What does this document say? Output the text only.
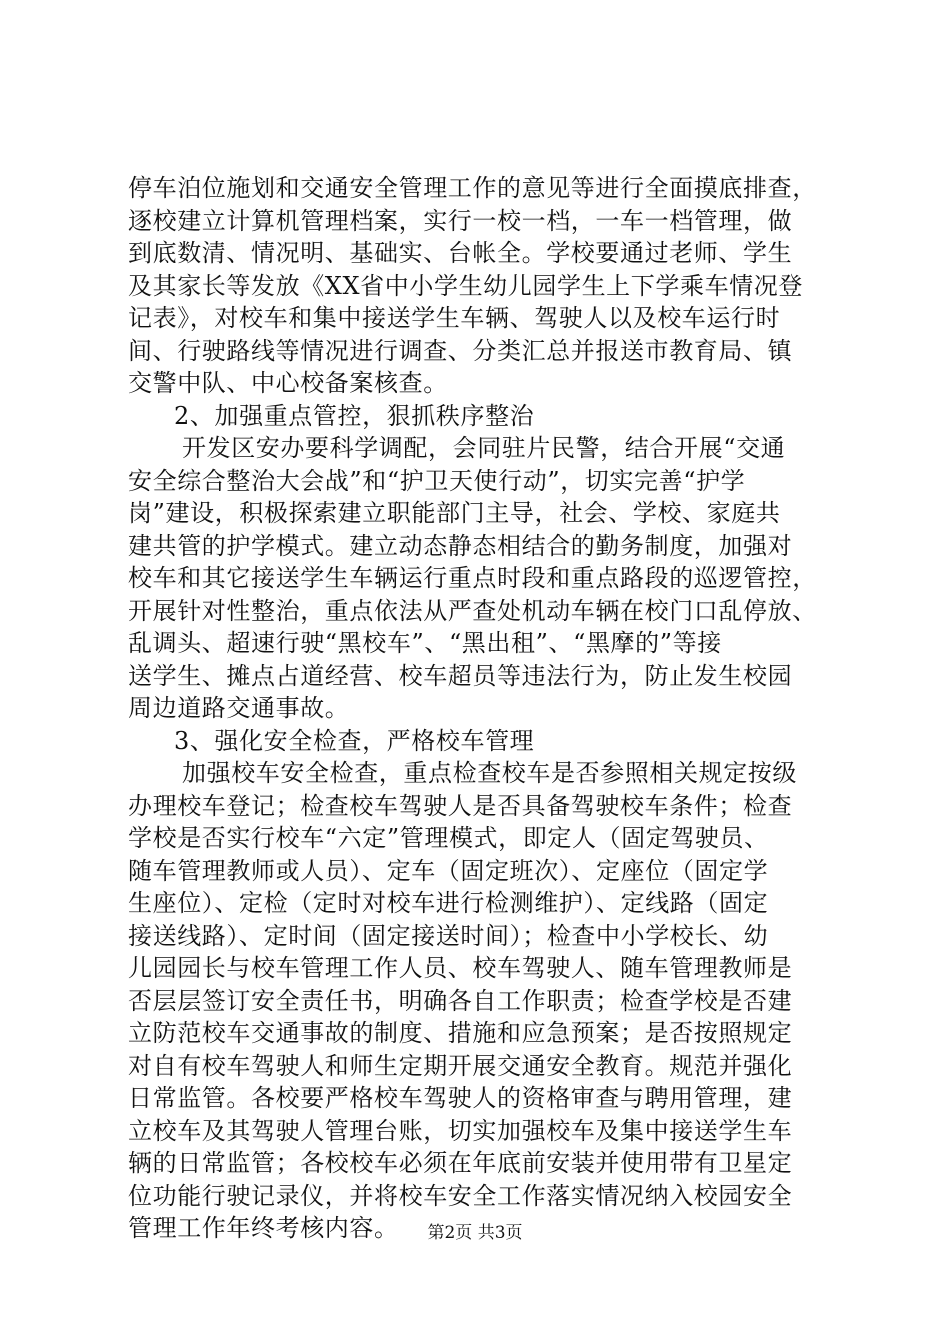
停车泊位施划和交通安全管理工作的意见等进行全面摸底排查，
逐校建立计算机管理档案，实行一校一档，一车一档管理，做
到底数清、情况明、基础实、台帐全。学校要通过老师、学生
及其家长等发放《XX省中小学生幼儿园学生上下学乘车情况登
记表》，对校车和集中接送学生车辆、驾驶人以及校车运行时
间、行驶路线等情况进行调查、分类汇总并报送市教育局、镇
交警中队、中心校备案核查。
2、加强重点管控，狠抓秩序整治
开发区安办要科学调配，会同驻片民警，结合开展“交通
安全综合整治大会战”和“护卫天使行动”，切实完善“护学
岗”建设，积极探索建立职能部门主导，社会、学校、家庭共
建共管的护学模式。建立动态静态相结合的勤务制度，加强对
校车和其它接送学生车辆运行重点时段和重点路段的巡逻管控，
开展针对性整治，重点依法从严查处机动车辆在校门口乱停放、
乱调头、超速行驶“黑校车”、“黑出租”、“黑摩的”等接
送学生、摊点占道经营、校车超员等违法行为，防止发生校园
周边道路交通事故。
3、强化安全检查，严格校车管理
加强校车安全检查，重点检查校车是否参照相关规定按级
办理校车登记；检查校车驾驶人是否具备驾驶校车条件；检查
学校是否实行校车“六定”管理模式，即定人（固定驾驶员、
随车管理教师或人员）、定车（固定班次）、定座位（固定学
生座位）、定检（定时对校车进行检测维护）、定线路（固定
接送线路）、定时间（固定接送时间）；检查中小学校长、幼
儿园园长与校车管理工作人员、校车驾驶人、随车管理教师是
否层层签订安全责任书，明确各自工作职责；检查学校是否建
立防范校车交通事故的制度、措施和应急预案；是否按照规定
对自有校车驾驶人和师生定期开展交通安全教育。规范并强化
日常监管。各校要严格校车驾驶人的资格审查与聘用管理，建
立校车及其驾驶人管理台账，切实加强校车及集中接送学生车
辆的日常监管；各校校车必须在年底前安装并使用带有卫星定
位功能行驶记录仪，并将校车安全工作落实情况纳入校园安全
管理工作年终考核内容。	第2页 共3页
